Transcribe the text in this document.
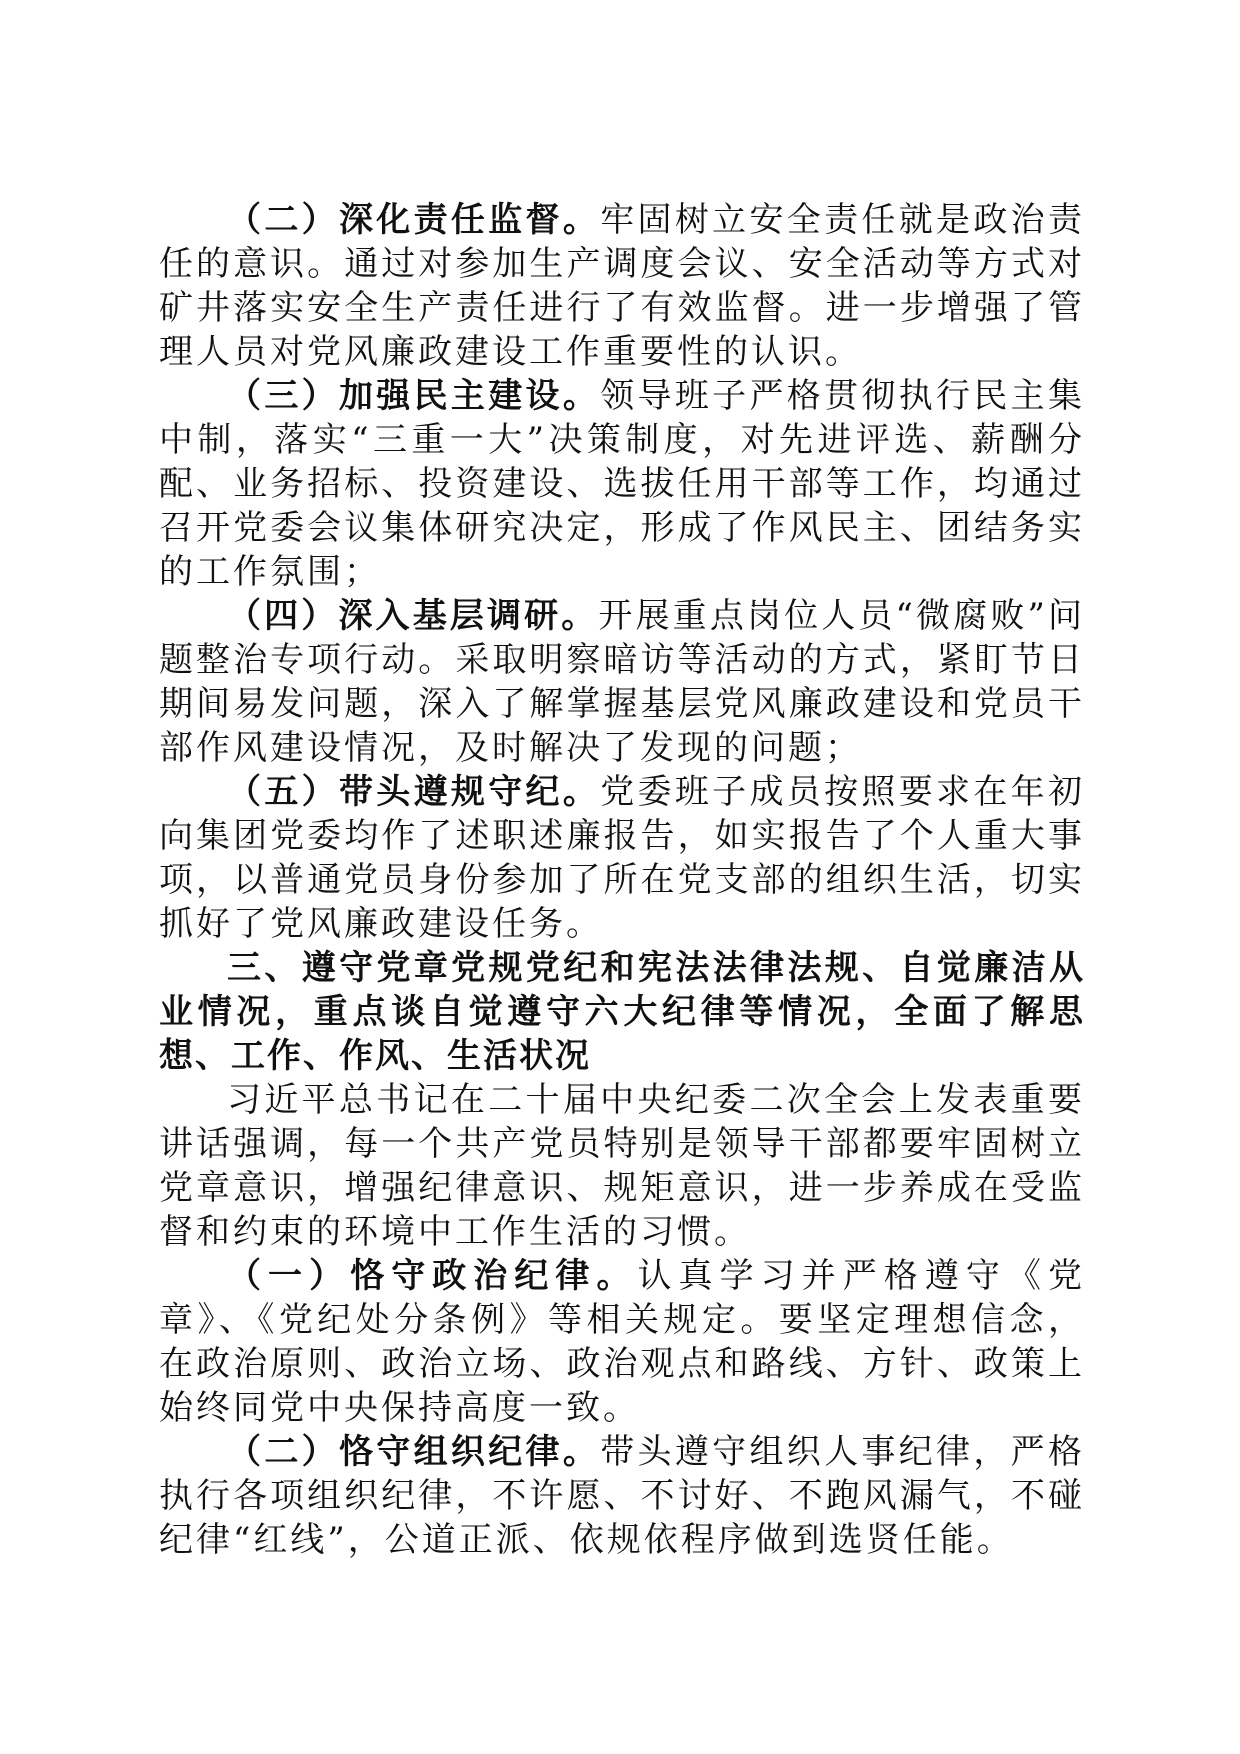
（二）深化责任监督。牢固树立安全责任就是政治责任的意识。通过对参加生产调度会议、安全活动等方式对矿井落实安全生产责任进行了有效监督。进一步增强了管理人员对党风廉政建设工作重要性的认识。

（三）加强民主建设。领导班子严格贯彻执行民主集中制，落实“三重一大”决策制度，对先进评选、薪酬分配、业务招标、投资建设、选拔任用干部等工作，均通过召开党委会议集体研究决定，形成了作风民主、团结务实的工作氛围；

（四）深入基层调研。开展重点岗位人员“微腐败”问题整治专项行动。采取明察暗访等活动的方式，紧盯节日期间易发问题，深入了解掌握基层党风廉政建设和党员干部作风建设情况，及时解决了发现的问题；

（五）带头遵规守纪。党委班子成员按照要求在年初向集团党委均作了述职述廉报告，如实报告了个人重大事项，以普通党员身份参加了所在党支部的组织生活，切实抓好了党风廉政建设任务。

三、遵守党章党规党纪和宪法法律法规、自觉廉洁从业情况，重点谈自觉遵守六大纪律等情况，全面了解思想、工作、作风、生活状况

习近平总书记在二十届中央纪委二次全会上发表重要讲话强调，每一个共产党员特别是领导干部都要牢固树立党章意识，增强纪律意识、规矩意识，进一步养成在受监督和约束的环境中工作生活的习惯。

（一）恪守政治纪律。认真学习并严格遵守《党章》、《党纪处分条例》等相关规定。要坚定理想信念，在政治原则、政治立场、政治观点和路线、方针、政策上始终同党中央保持高度一致。

（二）恪守组织纪律。带头遵守组织人事纪律，严格执行各项组织纪律，不许愿、不讨好、不跑风漏气，不碰纪律“红线”，公道正派、依规依程序做到选贤任能。
